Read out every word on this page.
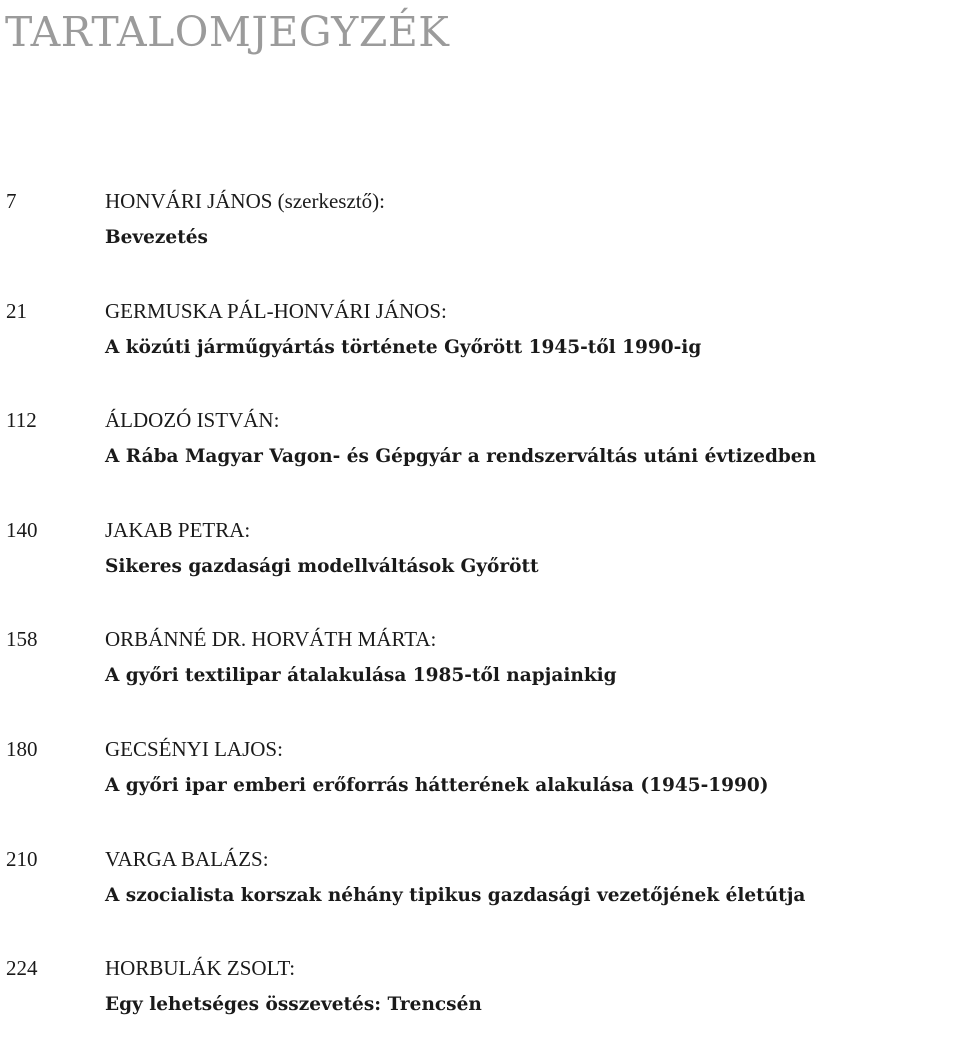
TARTALOMJEGYZÉK
7	HONVÁRI JÁNOS (szerkesztő):
Bevezetés
21	GERMUSKA PÁL-HONVÁRI JÁNOS:
A közúti járműgyártás története Győrött 1945-től 1990-ig
112	ÁLDOZÓ ISTVÁN:
A Rába Magyar Vagon- és Gépgyár a rendszerváltás utáni évtizedben
140	JAKAB PETRA:
Sikeres gazdasági modellváltások Győrött
158	ORBÁNNÉ DR. HORVÁTH MÁRTA:
A győri textilipar átalakulása 1985-től napjainkig
180	GECSÉNYI LAJOS:
A győri ipar emberi erőforrás hátterének alakulása (1945-1990)
210	VARGA BALÁZS:
A szocialista korszak néhány tipikus gazdasági vezetőjének életútja
224	HORBULÁK ZSOLT:
Egy lehetséges összevetés: Trencsén
